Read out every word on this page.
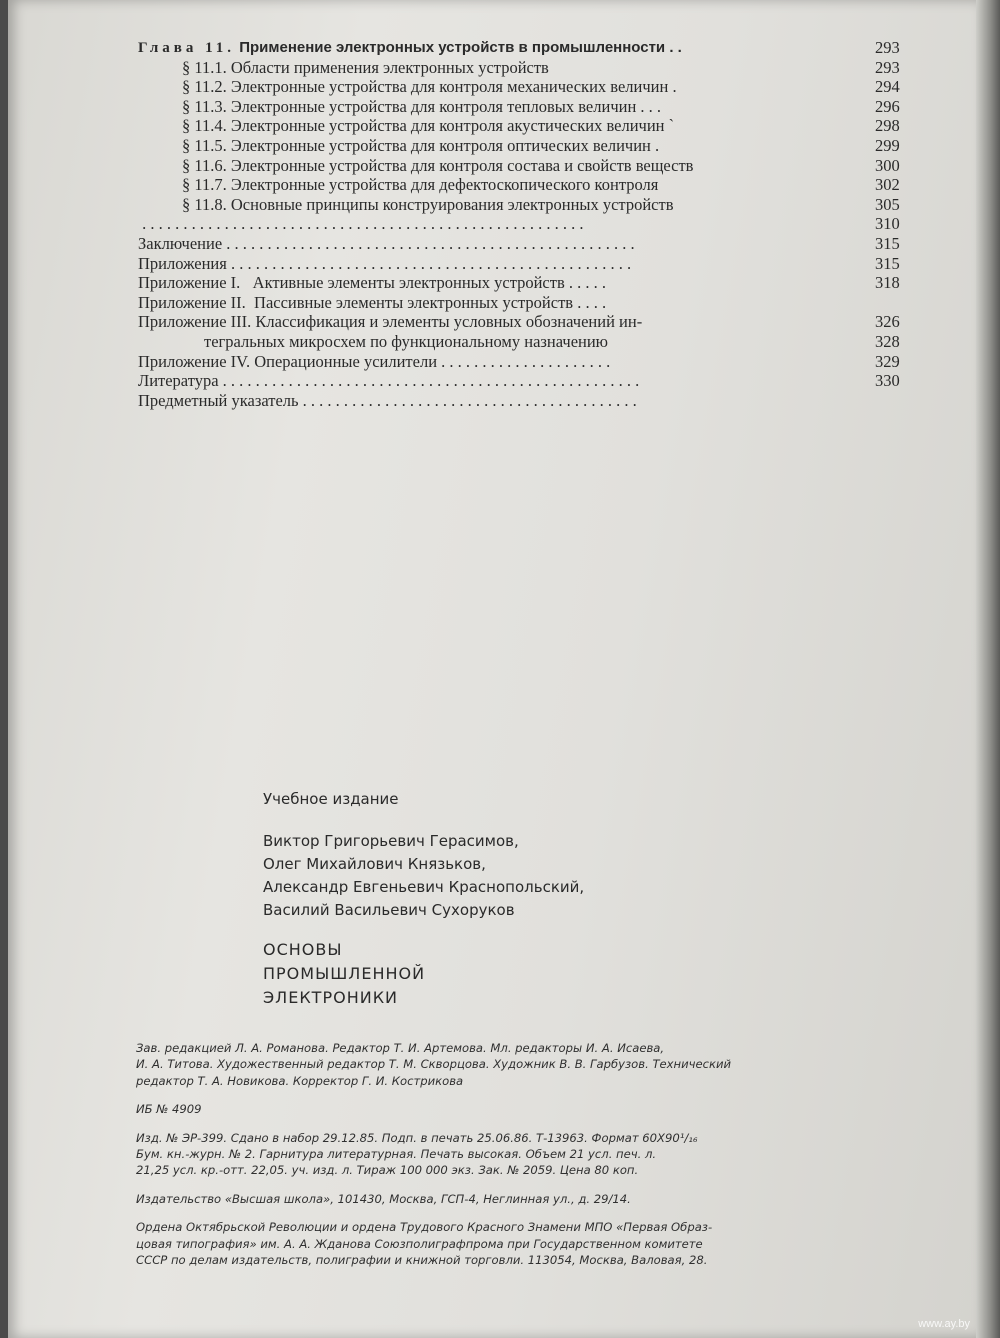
Глава 11. Применение электронных устройств в промышленности . .	293
§ 11.1. Области применения электронных устройств	293
§ 11.2. Электронные устройства для контроля механических величин .	294
§ 11.3. Электронные устройства для контроля тепловых величин . . .	296
§ 11.4. Электронные устройства для контроля акустических величин `	298
§ 11.5. Электронные устройства для контроля оптических величин .	299
§ 11.6. Электронные устройства для контроля состава и свойств веществ	300
§ 11.7. Электронные устройства для дефектоскопического контроля	302
§ 11.8. Основные принципы конструирования электронных устройств	305
. . . . . . . . . . . . . . . . . . . . . . . . . . . . . . . . . . . . . . . . . . . . . . . . . . . . . .	310
Заключение . . . . . . . . . . . . . . . . . . . . . . . . . . . . . . . . . . . . . . . . . . . . . . . . . .	315
Приложения . . . . . . . . . . . . . . . . . . . . . . . . . . . . . . . . . . . . . . . . . . . . . . . . .	315
Приложение I.   Активные элементы электронных устройств . . . . .	318
Приложение II.  Пассивные элементы электронных устройств . . . .
Приложение III. Классификация и элементы условных обозначений ин-	326
тегральных микросхем по функциональному назначению	328
Приложение IV. Операционные усилители . . . . . . . . . . . . . . . . . . . . .	329
Литература . . . . . . . . . . . . . . . . . . . . . . . . . . . . . . . . . . . . . . . . . . . . . . . . . . .	330
Предметный указатель . . . . . . . . . . . . . . . . . . . . . . . . . . . . . . . . . . . . . . . . .
Учебное издание
Виктор Григорьевич Герасимов,
Олег Михайлович Князьков,
Александр Евгеньевич Краснопольский,
Василий Васильевич Сухоруков
ОСНОВЫ
ПРОМЫШЛЕННОЙ
ЭЛЕКТРОНИКИ

Зав. редакцией Л. А. Романова. Редактор Т. И. Артемова. Мл. редакторы И. А. Исаева,

И. А. Титова. Художественный редактор Т. М. Скворцова. Художник В. В. Гарбузов. Технический

редактор Т. А. Новикова. Корректор Г. И. Кострикова

ИБ № 4909

Изд. № ЭР-399. Сдано в набор 29.12.85. Подп. в печать 25.06.86. Т-13963. Формат 60Х90¹/₁₆

Бум. кн.-журн. № 2. Гарнитура литературная. Печать высокая. Объем 21 усл. печ. л.

21,25 усл. кр.-отт. 22,05. уч. изд. л. Тираж 100 000 экз. Зак. № 2059. Цена 80 коп.

Издательство «Высшая школа», 101430, Москва, ГСП-4, Неглинная ул., д. 29/14.

Ордена Октябрьской Революции и ордена Трудового Красного Знамени МПО «Первая Образ-

цовая типография» им. А. А. Жданова Союзполиграфпрома при Государственном комитете

СССР по делам издательств, полиграфии и книжной торговли. 113054, Москва, Валовая, 28.

www.ay.by
